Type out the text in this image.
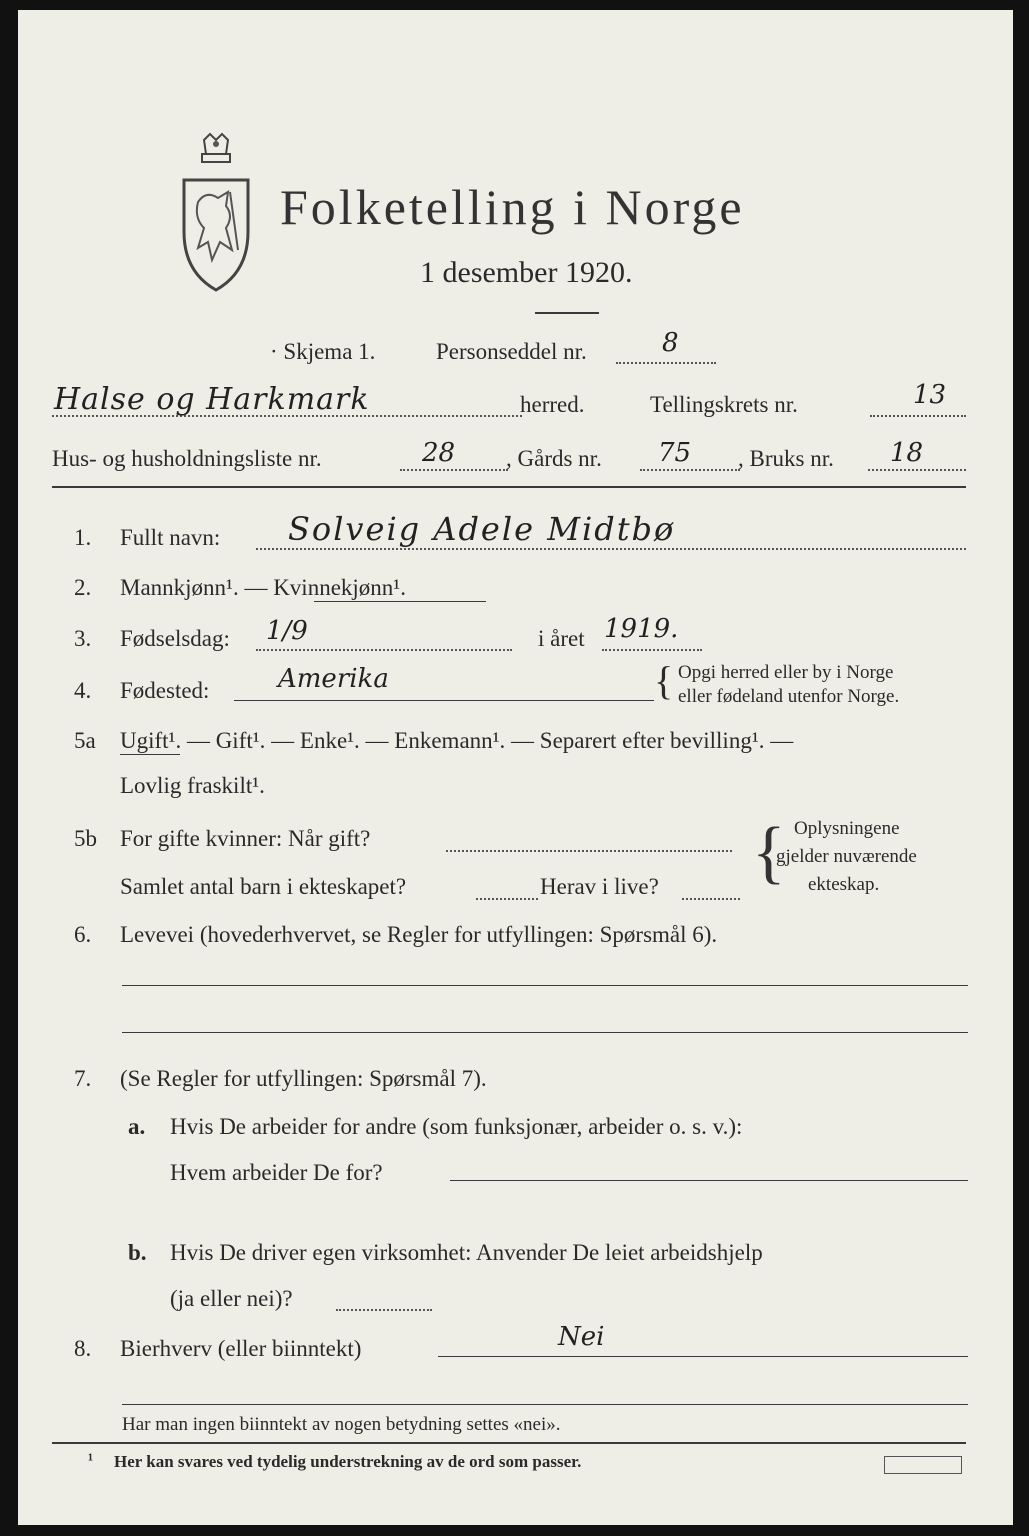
Folketelling i Norge
1 desember 1920.
· Skjema 1.	Personseddel nr.	8
Halse og Harkmark	herred.	Tellingskrets nr.	13
Hus- og husholdningsliste nr.	28 , Gårds nr. 75 , Bruks nr. 18
1. Fullt navn: Solveig Adele Midtbø
2. Mannkjønn¹. — Kvinnekjønn¹.
3. Fødselsdag: 1/9	i året 1919.
4. Fødested:	Amerika	{ Opgi herred eller by i Norge
eller fødeland utenfor Norge.
5a Ugift¹. — Gift¹. — Enke¹. — Enkemann¹. — Separert efter bevilling¹. —
Lovlig fraskilt¹.
5b For gifte kvinner: Når gift?
Samlet antal barn i ekteskapet?	Herav i live? { Oplysningene
gjelder nuværende
ekteskap.
6. Levevei (hovederhvervet, se Regler for utfyllingen: Spørsmål 6).
7. (Se Regler for utfyllingen: Spørsmål 7).
a. Hvis De arbeider for andre (som funksjonær, arbeider o. s. v.):
Hvem arbeider De for?
b. Hvis De driver egen virksomhet: Anvender De leiet arbeidshjelp
(ja eller nei)?
8. Bierhverv (eller biinntekt)	Nei
Har man ingen biinntekt av nogen betydning settes «nei».
¹ Her kan svares ved tydelig understrekning av de ord som passer.
